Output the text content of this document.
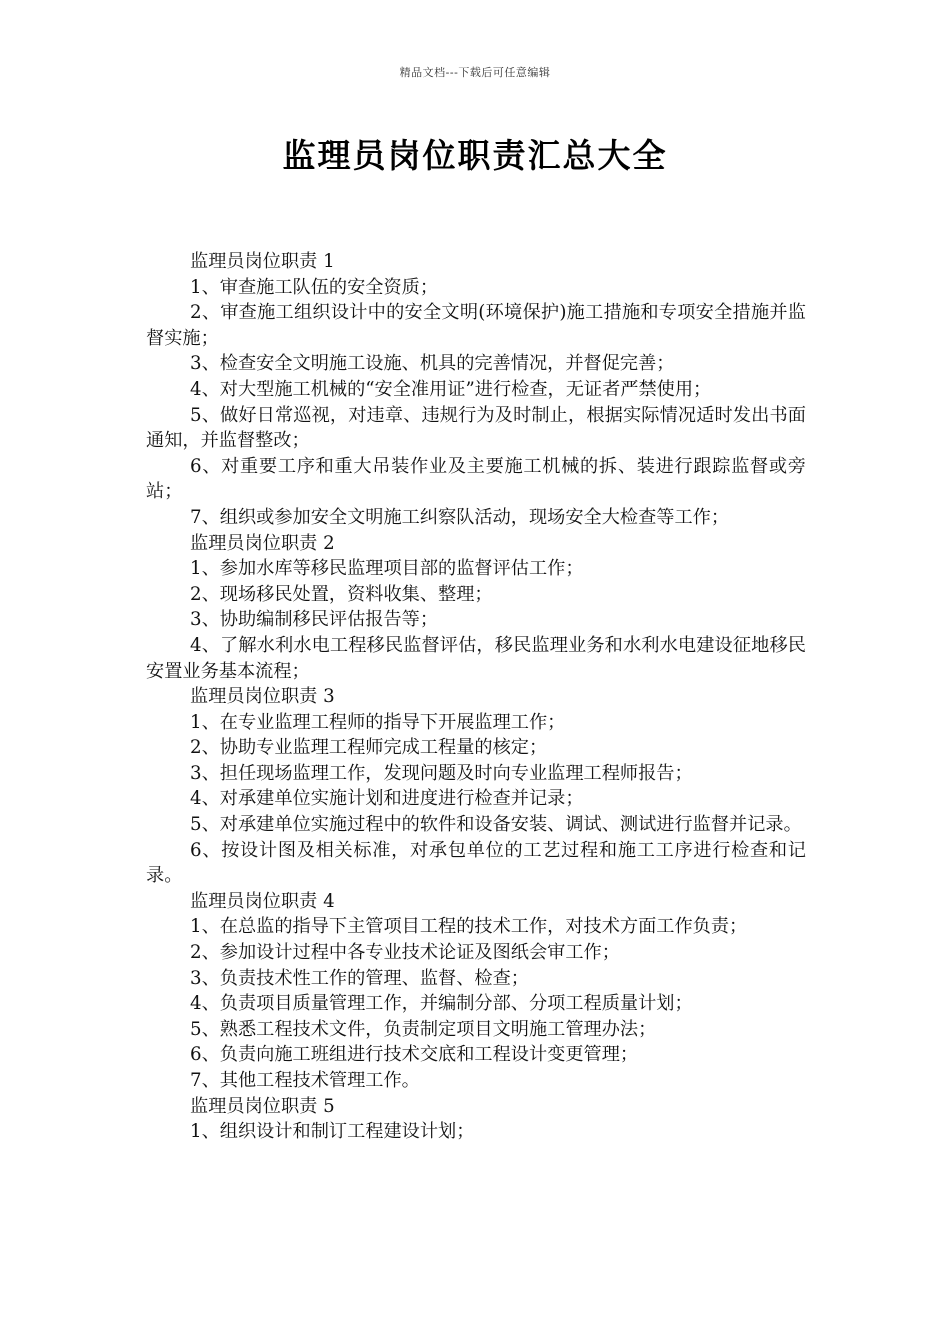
精品文档---下载后可任意编辑
监理员岗位职责汇总大全

监理员岗位职责 1

1、审查施工队伍的安全资质；

2、审查施工组织设计中的安全文明(环境保护)施工措施和专项安全措施并监督实施；

3、检查安全文明施工设施、机具的完善情况，并督促完善；

4、对大型施工机械的“安全准用证”进行检查，无证者严禁使用；

5、做好日常巡视，对违章、违规行为及时制止，根据实际情况适时发出书面通知，并监督整改；

6、对重要工序和重大吊装作业及主要施工机械的拆、装进行跟踪监督或旁站；

7、组织或参加安全文明施工纠察队活动，现场安全大检查等工作；

监理员岗位职责 2

1、参加水库等移民监理项目部的监督评估工作；

2、现场移民处置，资料收集、整理；

3、协助编制移民评估报告等；

4、了解水利水电工程移民监督评估，移民监理业务和水利水电建设征地移民安置业务基本流程；

监理员岗位职责 3

1、在专业监理工程师的指导下开展监理工作；

2、协助专业监理工程师完成工程量的核定；

3、担任现场监理工作，发现问题及时向专业监理工程师报告；

4、对承建单位实施计划和进度进行检查并记录；

5、对承建单位实施过程中的软件和设备安装、调试、测试进行监督并记录。

6、按设计图及相关标准，对承包单位的工艺过程和施工工序进行检查和记录。

监理员岗位职责 4

1、在总监的指导下主管项目工程的技术工作，对技术方面工作负责；

2、参加设计过程中各专业技术论证及图纸会审工作；

3、负责技术性工作的管理、监督、检查；

4、负责项目质量管理工作，并编制分部、分项工程质量计划；

5、熟悉工程技术文件，负责制定项目文明施工管理办法；

6、负责向施工班组进行技术交底和工程设计变更管理；

7、其他工程技术管理工作。

监理员岗位职责 5

1、组织设计和制订工程建设计划；
